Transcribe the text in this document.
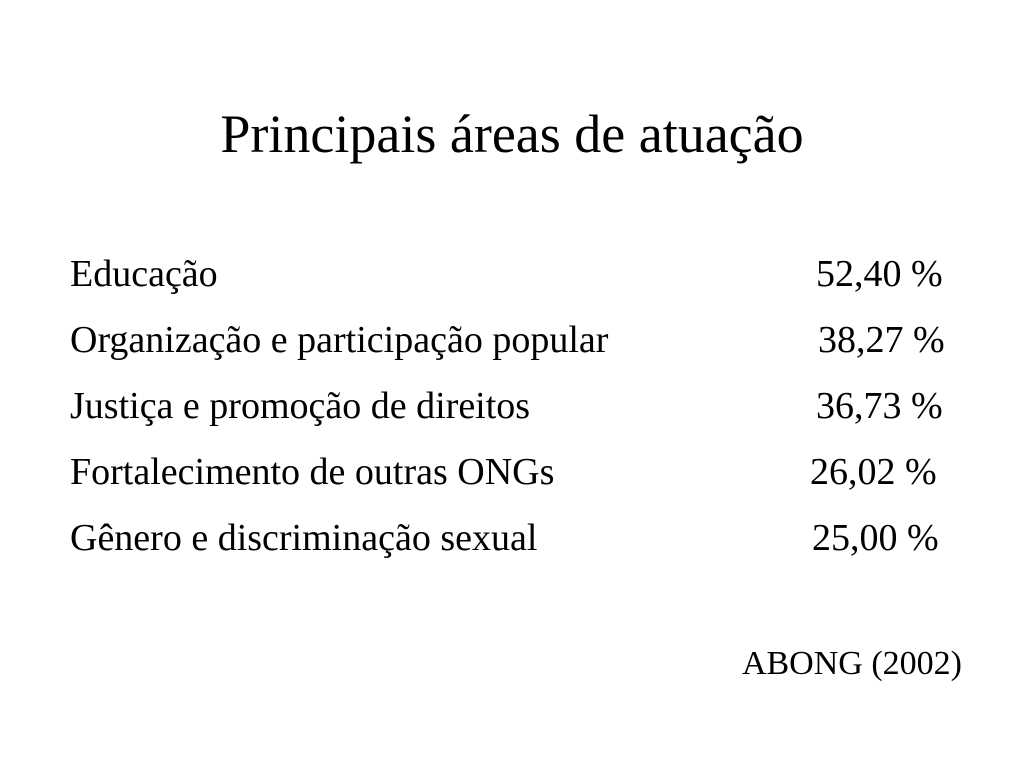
Principais áreas de atuação
Educação	52,40 %
Organização e participação popular	38,27 %
Justiça e promoção de direitos	36,73 %
Fortalecimento de outras ONGs	26,02 %
Gênero e discriminação sexual	25,00 %
ABONG (2002)
